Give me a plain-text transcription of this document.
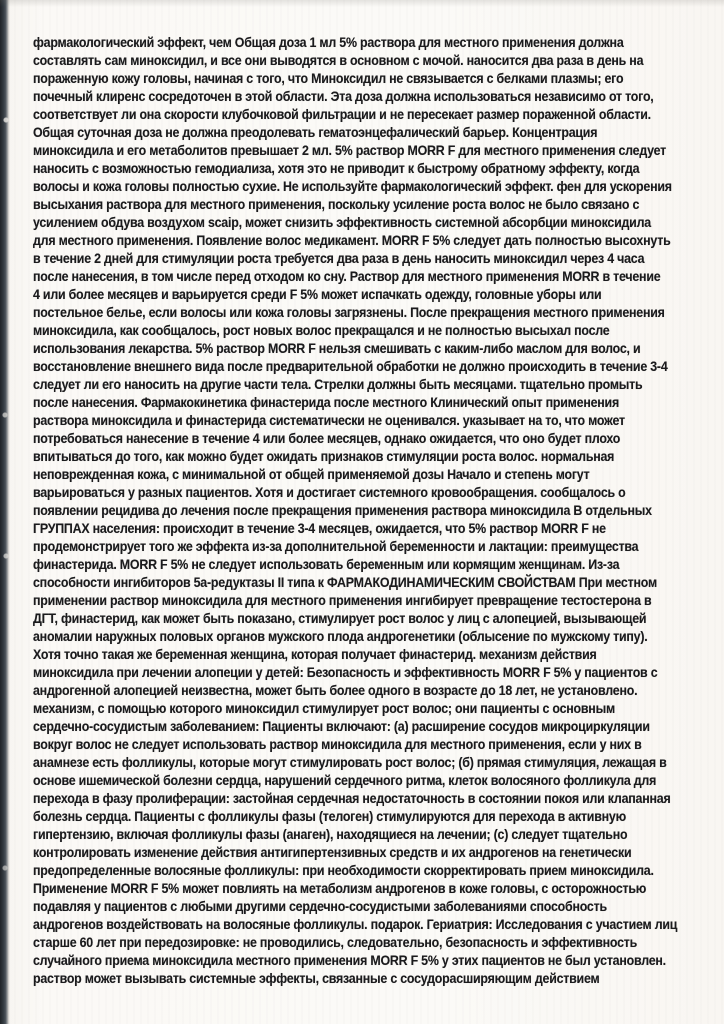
фармакологический эффект, чем Общая доза 1 мл 5% раствора для местного применения должна
составлять сам миноксидил, и все они выводятся в основном с мочой. наносится два раза в день на
пораженную кожу головы, начиная с того, что Миноксидил не связывается с белками плазмы; его
почечный клиренс сосредоточен в этой области. Эта доза должна использоваться независимо от того,
соответствует ли она скорости клубочковой фильтрации и не пересекает размер пораженной области.
Общая суточная доза не должна преодолевать гематоэнцефалический барьер. Концентрация
миноксидила и его метаболитов превышает 2 мл. 5% раствор MORR F для местного применения следует
наносить с возможностью гемодиализа, хотя это не приводит к быстрому обратному эффекту, когда
волосы и кожа головы полностью сухие. Не используйте фармакологический эффект. фен для ускорения
высыхания раствора для местного применения, поскольку усиление роста волос не было связано с
усилением обдува воздухом scaip, может снизить эффективность системной абсорбции миноксидила
для местного применения. Появление волос медикамент. MORR F 5% следует дать полностью высохнуть
в течение 2 дней для стимуляции роста требуется два раза в день наносить миноксидил через 4 часа
после нанесения, в том числе перед отходом ко сну. Раствор для местного применения MORR в течение
4 или более месяцев и варьируется среди F 5% может испачкать одежду, головные уборы или
постельное белье, если волосы или кожа головы загрязнены. После прекращения местного применения
миноксидила, как сообщалось, рост новых волос прекращался и не полностью высыхал после
использования лекарства. 5% раствор MORR F нельзя смешивать с каким-либо маслом для волос, и
восстановление внешнего вида после предварительной обработки не должно происходить в течение 3-4
следует ли его наносить на другие части тела. Стрелки должны быть месяцами. тщательно промыть
после нанесения. Фармакокинетика финастерида после местного Клинический опыт применения
раствора миноксидила и финастерида систематически не оценивался. указывает на то, что может
потребоваться нанесение в течение 4 или более месяцев, однако ожидается, что оно будет плохо
впитываться до того, как можно будет ожидать признаков стимуляции роста волос. нормальная
неповрежденная кожа, с минимальной от общей применяемой дозы Начало и степень могут
варьироваться у разных пациентов. Хотя и достигает системного кровообращения. сообщалось о
появлении рецидива до лечения после прекращения применения раствора миноксидила В отдельных
ГРУППАХ населения: происходит в течение 3-4 месяцев, ожидается, что 5% раствор MORR F не
продемонстрирует того же эффекта из-за дополнительной беременности и лактации: преимущества
финастерида. MORR F 5% не следует использовать беременным или кормящим женщинам. Из-за
способности ингибиторов 5а-редуктазы II типа к ФАРМАКОДИНАМИЧЕСКИМ СВОЙСТВАМ При местном
применении раствор миноксидила для местного применения ингибирует превращение тестостерона в
ДГТ, финастерид, как может быть показано, стимулирует рост волос у лиц с алопецией, вызывающей
аномалии наружных половых органов мужского плода андрогенетики (облысение по мужскому типу).
Хотя точно такая же беременная женщина, которая получает финастерид. механизм действия
миноксидила при лечении алопеции у детей: Безопасность и эффективность MORR F 5% у пациентов с
андрогенной алопецией неизвестна, может быть более одного в возрасте до 18 лет, не установлено.
механизм, с помощью которого миноксидил стимулирует рост волос; они пациенты с основным
сердечно-сосудистым заболеванием: Пациенты включают: (а) расширение сосудов микроциркуляции
вокруг волос не следует использовать раствор миноксидила для местного применения, если у них в
анамнезе есть фолликулы, которые могут стимулировать рост волос; (б) прямая стимуляция, лежащая в
основе ишемической болезни сердца, нарушений сердечного ритма, клеток волосяного фолликула для
перехода в фазу пролиферации: застойная сердечная недостаточность в состоянии покоя или клапанная
болезнь сердца. Пациенты с фолликулы фазы (телоген) стимулируются для перехода в активную
гипертензию, включая фолликулы фазы (анаген), находящиеся на лечении; (с) следует тщательно
контролировать изменение действия антигипертензивных средств и их андрогенов на генетически
предопределенные волосяные фолликулы: при необходимости скорректировать прием миноксидила.
Применение MORR F 5% может повлиять на метаболизм андрогенов в коже головы, с осторожностью
подавляя у пациентов с любыми другими сердечно-сосудистыми заболеваниями способность
андрогенов воздействовать на волосяные фолликулы. подарок. Гериатрия: Исследования с участием лиц
старше 60 лет при передозировке: не проводились, следовательно, безопасность и эффективность
случайного приема миноксидила местного применения MORR F 5% у этих пациентов не был установлен.
раствор может вызывать системные эффекты, связанные с сосудорасширяющим действием
